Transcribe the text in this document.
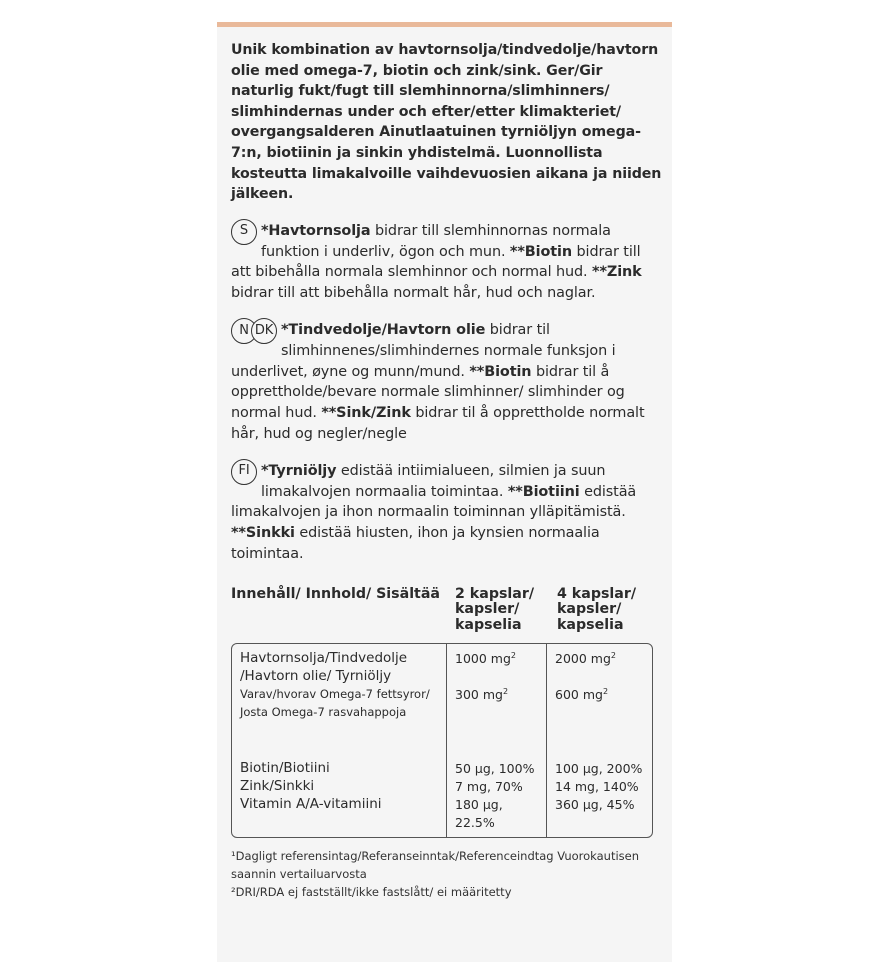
Unik kombination av havtornsolja/tindvedolje/havtorn olie med omega-7, biotin och zink/sink. Ger/Gir naturlig fukt/fugt till slemhinnorna/slimhinners/ slimhindernas under och efter/etter klimakteriet/ overgangsalderen Ainutlaatuinen tyrniöljyn omega-7:n, biotiinin ja sinkin yhdistelmä. Luonnollista kosteutta limakalvoille vaihdevuosien aikana ja niiden jälkeen.

S *Havtornsolja bidrar till slemhinnornas normala funktion i underliv, ögon och mun. **Biotin bidrar till att bibehålla normala slemhinnor och normal hud. **Zink bidrar till att bibehålla normalt hår, hud och naglar.

N DK *Tindvedolje/Havtorn olie bidrar til slimhinnenes/slimhindernes normale funksjon i underlivet, øyne og munn/mund. **Biotin bidrar til å opprettholde/bevare normale slimhinner/ slimhinder og normal hud. **Sink/Zink bidrar til å opprettholde normalt hår, hud og negler/negle

FI *Tyrniöljy edistää intiimialueen, silmien ja suun limakalvojen normaalia toimintaa. **Biotiini edistää limakalvojen ja ihon normaalin toiminnan ylläpitämistä. **Sinkki edistää hiusten, ihon ja kynsien normaalia toimintaa.

Innehåll/ Innhold/ Sisältää	2 kapslar/ kapsler/ kapselia
4 kapslar/ kapsler/ kapselia
Havtornsolja/Tindvedolje /Havtorn olie/ Tyrniöljy
Varav/hvorav Omega-7 fettsyror/ Josta Omega-7 rasvahappoja
Biotin/Biotiini
Zink/Sinkki
Vitamin A/A-vitamiini
1000 $mg^2$
300 $mg^2$
50 µg, 100%
7 mg, 70%
180 µg, 22.5%
2000 $mg^2$
600 $mg^2$
100 µg, 200%
14 mg, 140%
360 µg, 45%
¹Dagligt referensintag/Referanseinntak/Referenceindtag Vuorokautisen saannin vertailuarvosta
²DRI/RDA ej fastställt/ikke fastslått/ ei määritetty
